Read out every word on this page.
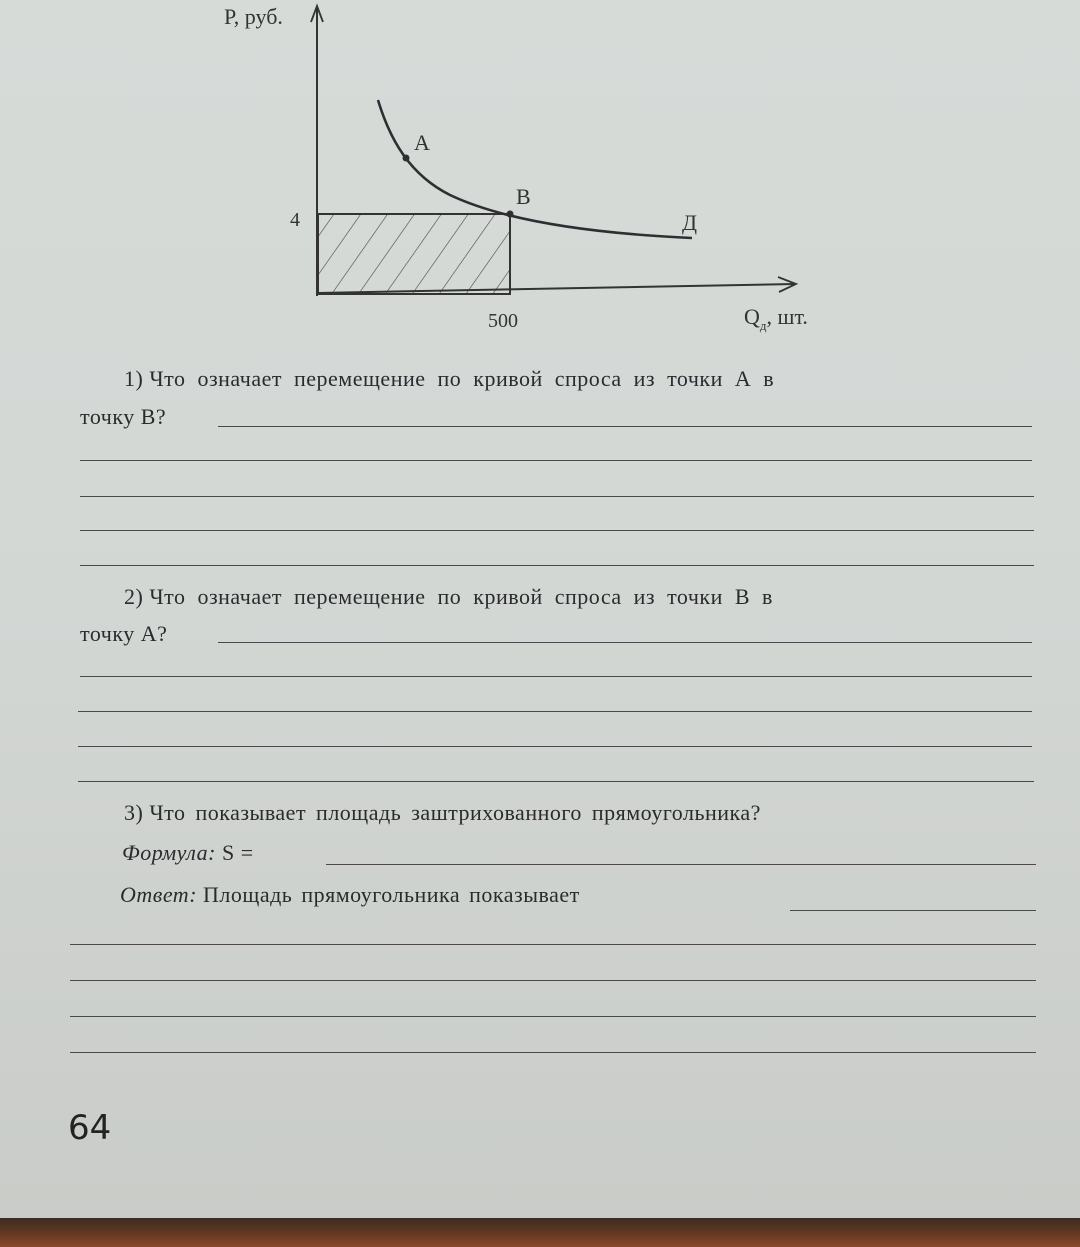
P, руб.
4
500	$Q_д$, шт.
А
В
Д
1) Что означает перемещение по кривой спроса из точки А в
точку В?
2) Что означает перемещение по кривой спроса из точки В в
точку А?
3) Что показывает площадь заштрихованного прямоугольника?
Формула: S =
Ответ: Площадь прямоугольника показывает
64
